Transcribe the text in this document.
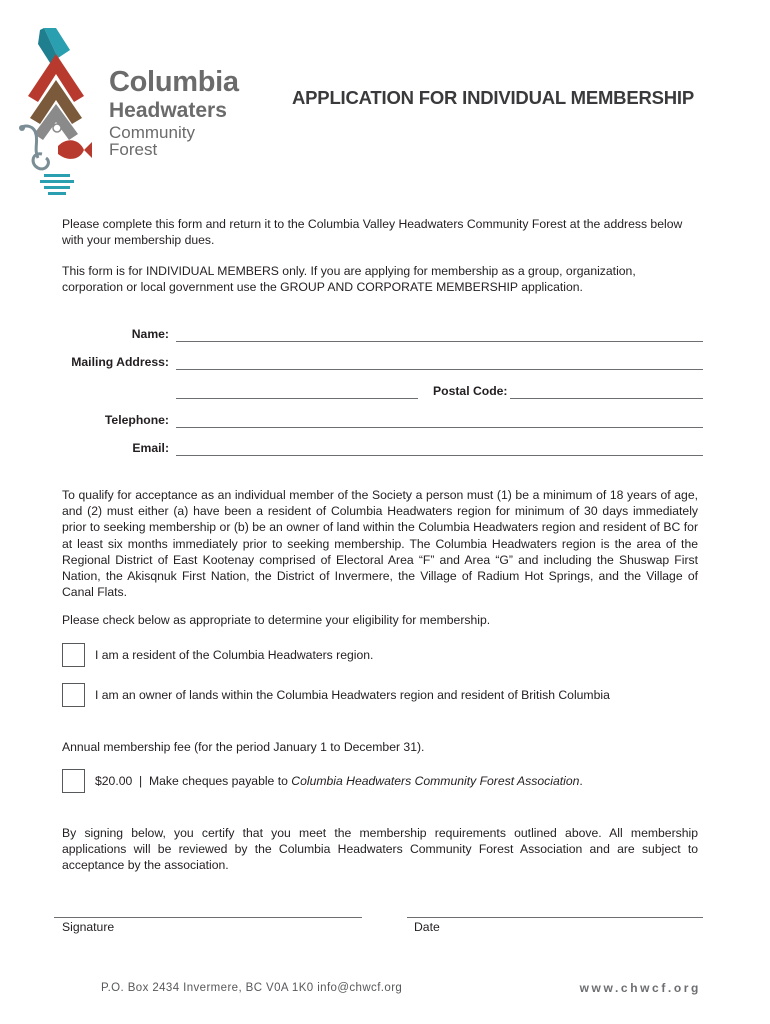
Columbia
Headwaters
Community Forest
APPLICATION FOR INDIVIDUAL MEMBERSHIP
Please complete this form and return it to the Columbia Valley Headwaters Community Forest at the address below with your membership dues.
This form is for INDIVIDUAL MEMBERS only. If you are applying for membership as a group, organization, corporation or local government use the GROUP AND CORPORATE MEMBERSHIP application.
Name:
Mailing Address:
Postal Code:
Telephone:
Email:
To qualify for acceptance as an individual member of the Society a person must (1) be a minimum of 18 years of age, and (2) must either (a) have been a resident of Columbia Headwaters region for minimum of 30 days immediately prior to seeking membership or (b) be an owner of land within the Columbia Headwaters region and resident of BC for at least six months immediately prior to seeking membership. The Columbia Headwaters region is the area of the Regional District of East Kootenay comprised of Electoral Area “F” and Area “G” and including the Shuswap First Nation, the Akisqnuk First Nation, the District of Invermere, the Village of Radium Hot Springs, and the Village of Canal Flats.
Please check below as appropriate to determine your eligibility for membership.
I am a resident of the Columbia Headwaters region.
I am an owner of lands within the Columbia Headwaters region and resident of British Columbia
Annual membership fee (for the period January 1 to December 31).
$20.00  |  Make cheques payable to Columbia Headwaters Community Forest Association.
By signing below, you certify that you meet the membership requirements outlined above. All membership applications will be reviewed by the Columbia Headwaters Community Forest Association and are subject to acceptance by the association.
Signature	Date
P.O. Box 2434 Invermere, BC V0A 1K0 info@chwcf.org	www.chwcf.org
